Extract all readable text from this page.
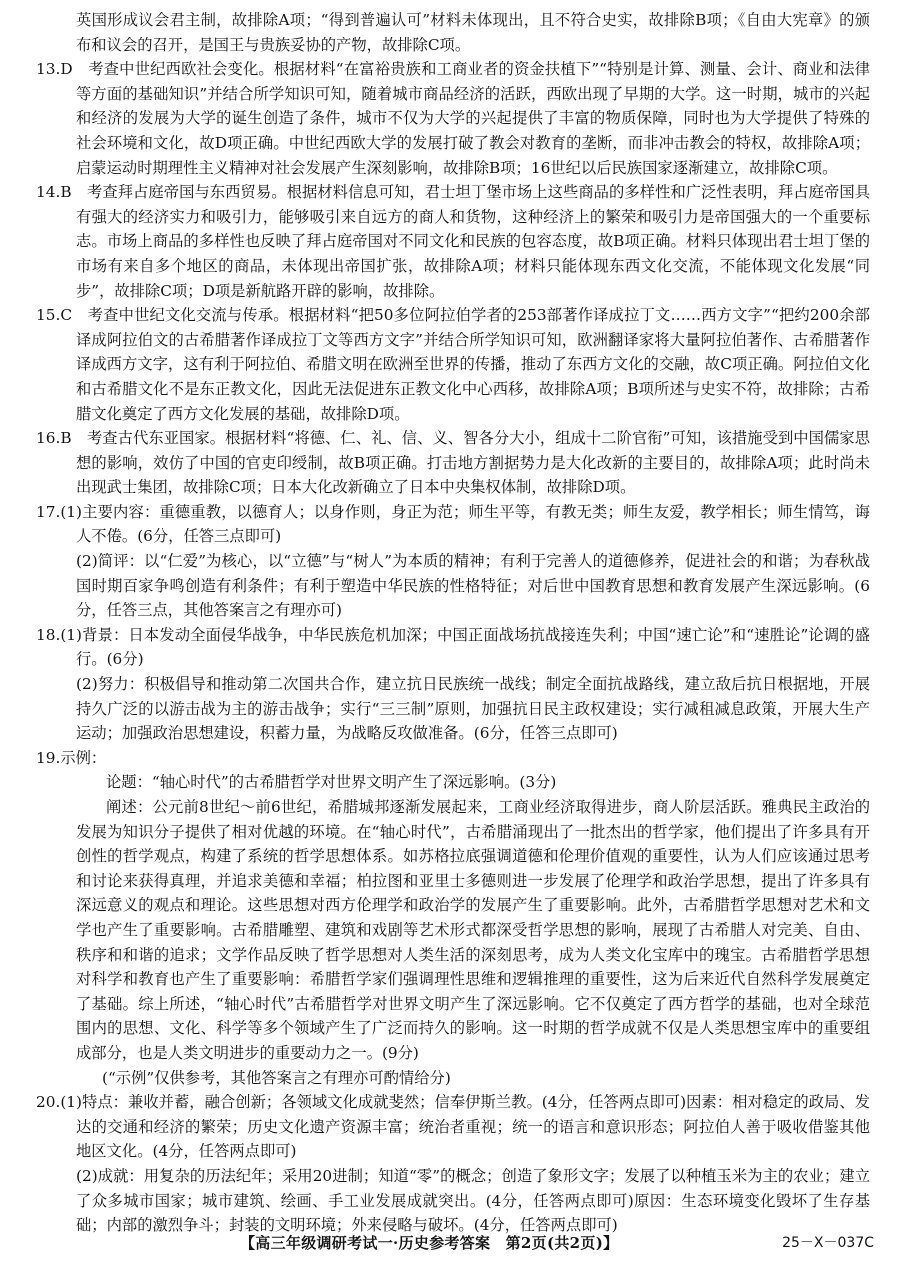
英国形成议会君主制，故排除A项；“得到普遍认可”材料未体现出，且不符合史实，故排除B项；《自由大宪章》的颁布和议会的召开，是国王与贵族妥协的产物，故排除C项。

13.D　考查中世纪西欧社会变化。根据材料“在富裕贵族和工商业者的资金扶植下”“特别是计算、测量、会计、商业和法律等方面的基础知识”并结合所学知识可知，随着城市商品经济的活跃，西欧出现了早期的大学。这一时期，城市的兴起和经济的发展为大学的诞生创造了条件，城市不仅为大学的兴起提供了丰富的物质保障，同时也为大学提供了特殊的社会环境和文化，故D项正确。中世纪西欧大学的发展打破了教会对教育的垄断，而非冲击教会的特权，故排除A项；启蒙运动时期理性主义精神对社会发展产生深刻影响，故排除B项；16世纪以后民族国家逐渐建立，故排除C项。

14.B　考查拜占庭帝国与东西贸易。根据材料信息可知，君士坦丁堡市场上这些商品的多样性和广泛性表明，拜占庭帝国具有强大的经济实力和吸引力，能够吸引来自远方的商人和货物，这种经济上的繁荣和吸引力是帝国强大的一个重要标志。市场上商品的多样性也反映了拜占庭帝国对不同文化和民族的包容态度，故B项正确。材料只体现出君士坦丁堡的市场有来自多个地区的商品，未体现出帝国扩张，故排除A项；材料只能体现东西文化交流，不能体现文化发展“同步”，故排除C项；D项是新航路开辟的影响，故排除。

15.C　考查中世纪文化交流与传承。根据材料“把50多位阿拉伯学者的253部著作译成拉丁文……西方文字”“把约200余部译成阿拉伯文的古希腊著作译成拉丁文等西方文字”并结合所学知识可知，欧洲翻译家将大量阿拉伯著作、古希腊著作译成西方文字，这有利于阿拉伯、希腊文明在欧洲至世界的传播，推动了东西方文化的交融，故C项正确。阿拉伯文化和古希腊文化不是东正教文化，因此无法促进东正教文化中心西移，故排除A项；B项所述与史实不符，故排除；古希腊文化奠定了西方文化发展的基础，故排除D项。

16.B　考查古代东亚国家。根据材料“将德、仁、礼、信、义、智各分大小，组成十二阶官衔”可知，该措施受到中国儒家思想的影响，效仿了中国的官吏印绶制，故B项正确。打击地方割据势力是大化改新的主要目的，故排除A项；此时尚未出现武士集团，故排除C项；日本大化改新确立了日本中央集权体制，故排除D项。

17.(1)主要内容：重德重教，以德育人；以身作则，身正为范；师生平等，有教无类；师生友爱，教学相长；师生情笃，诲人不倦。(6分，任答三点即可)

(2)简评：以“仁爱”为核心，以“立德”与“树人”为本质的精神；有利于完善人的道德修养，促进社会的和谐；为春秋战国时期百家争鸣创造有利条件；有利于塑造中华民族的性格特征；对后世中国教育思想和教育发展产生深远影响。(6分，任答三点，其他答案言之有理亦可)

18.(1)背景：日本发动全面侵华战争，中华民族危机加深；中国正面战场抗战接连失利；中国“速亡论”和“速胜论”论调的盛行。(6分)

(2)努力：积极倡导和推动第二次国共合作，建立抗日民族统一战线；制定全面抗战路线，建立敌后抗日根据地，开展持久广泛的以游击战为主的游击战争；实行“三三制”原则，加强抗日民主政权建设；实行减租减息政策，开展大生产运动；加强政治思想建设，积蓄力量，为战略反攻做准备。(6分，任答三点即可)

19.示例：

论题：“轴心时代”的古希腊哲学对世界文明产生了深远影响。(3分)

阐述：公元前8世纪～前6世纪，希腊城邦逐渐发展起来，工商业经济取得进步，商人阶层活跃。雅典民主政治的发展为知识分子提供了相对优越的环境。在“轴心时代”，古希腊涌现出了一批杰出的哲学家，他们提出了许多具有开创性的哲学观点，构建了系统的哲学思想体系。如苏格拉底强调道德和伦理价值观的重要性，认为人们应该通过思考和讨论来获得真理，并追求美德和幸福；柏拉图和亚里士多德则进一步发展了伦理学和政治学思想，提出了许多具有深远意义的观点和理论。这些思想对西方伦理学和政治学的发展产生了重要影响。此外，古希腊哲学思想对艺术和文学也产生了重要影响。古希腊雕塑、建筑和戏剧等艺术形式都深受哲学思想的影响，展现了古希腊人对完美、自由、秩序和和谐的追求；文学作品反映了哲学思想对人类生活的深刻思考，成为人类文化宝库中的瑰宝。古希腊哲学思想对科学和教育也产生了重要影响：希腊哲学家们强调理性思维和逻辑推理的重要性，这为后来近代自然科学发展奠定了基础。综上所述，“轴心时代”古希腊哲学对世界文明产生了深远影响。它不仅奠定了西方哲学的基础，也对全球范围内的思想、文化、科学等多个领域产生了广泛而持久的影响。这一时期的哲学成就不仅是人类思想宝库中的重要组成部分，也是人类文明进步的重要动力之一。(9分)

(“示例”仅供参考，其他答案言之有理亦可酌情给分)

20.(1)特点：兼收并蓄，融合创新；各领域文化成就斐然；信奉伊斯兰教。(4分，任答两点即可)因素：相对稳定的政局、发达的交通和经济的繁荣；历史文化遗产资源丰富；统治者重视；统一的语言和意识形态；阿拉伯人善于吸收借鉴其他地区文化。(4分，任答两点即可)

(2)成就：用复杂的历法纪年；采用20进制；知道“零”的概念；创造了象形文字；发展了以种植玉米为主的农业；建立了众多城市国家；城市建筑、绘画、手工业发展成就突出。(4分，任答两点即可)原因：生态环境变化毁坏了生存基础；内部的激烈争斗；封装的文明环境；外来侵略与破坏。(4分，任答两点即可)

【高三年级调研考试一·历史参考答案　第2页(共2页)】	25－X－037C
